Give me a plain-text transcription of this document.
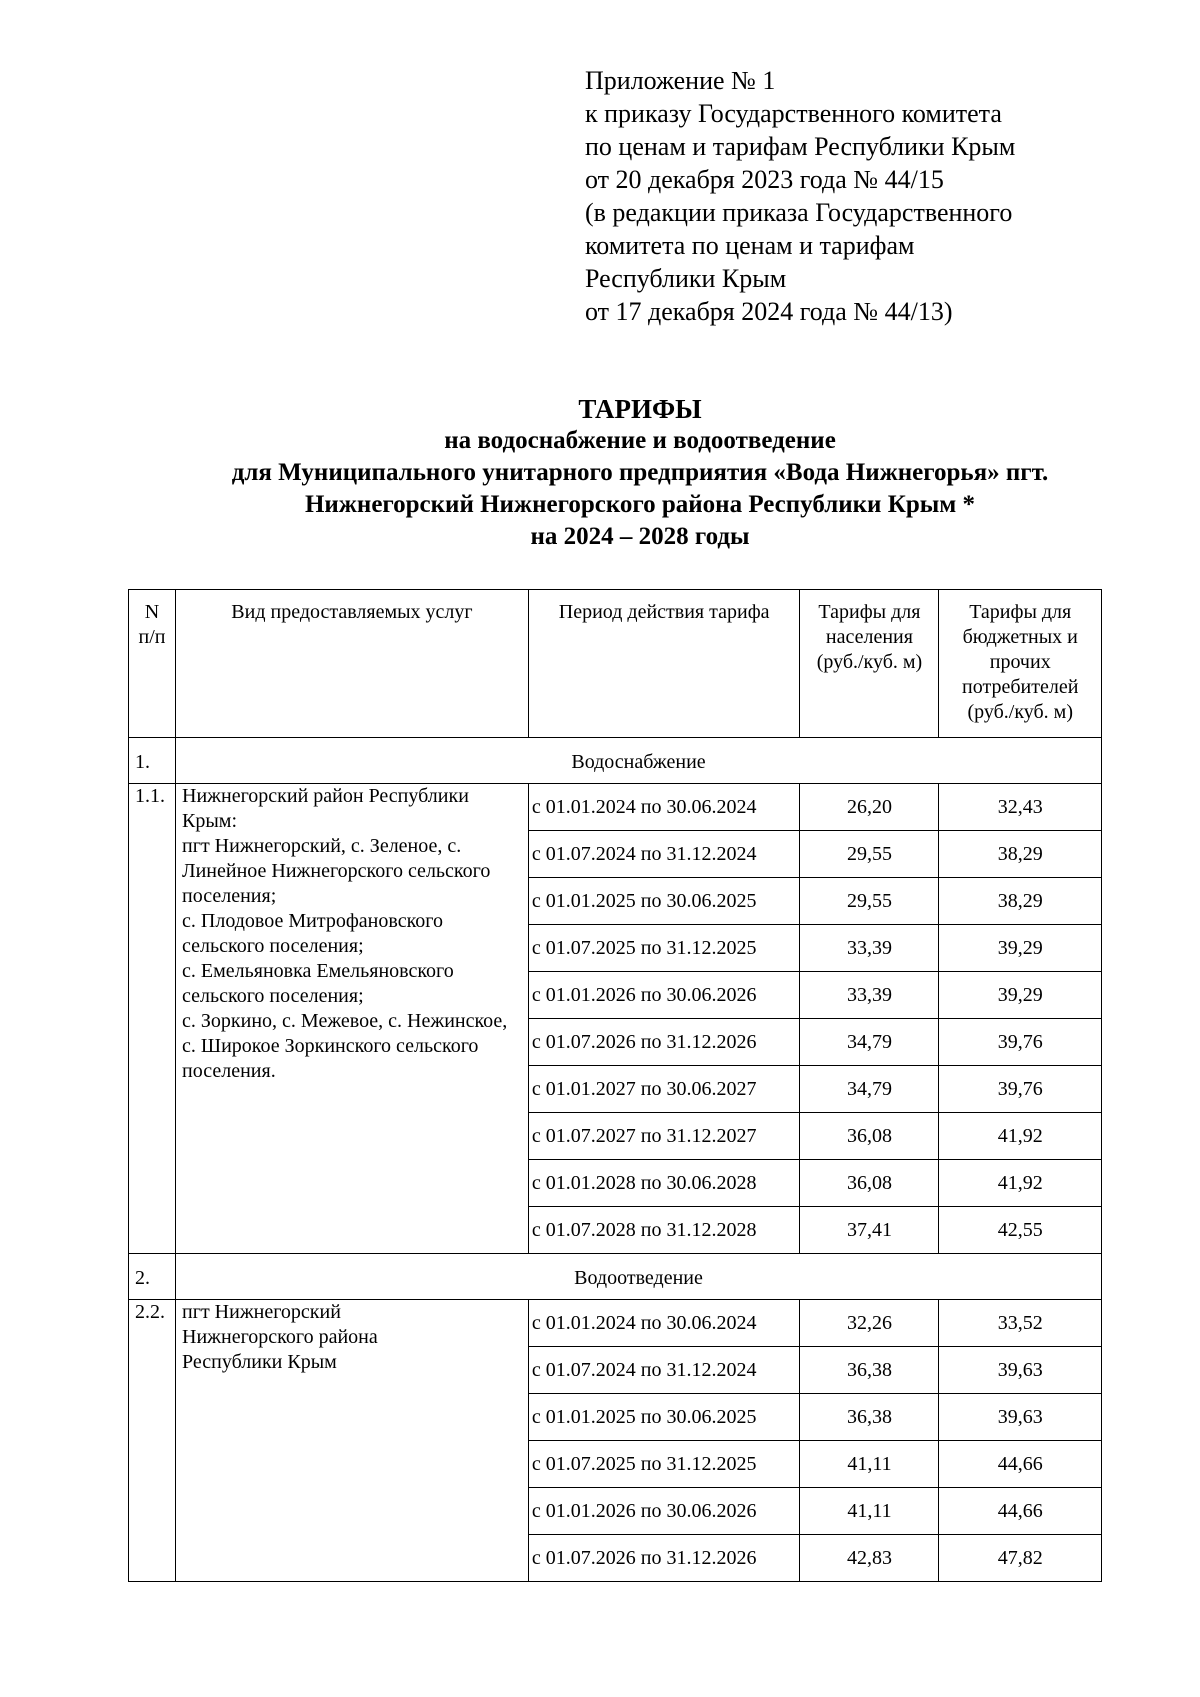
Приложение № 1
к приказу Государственного комитета
по ценам и тарифам Республики Крым
от 20 декабря 2023 года № 44/15
(в редакции приказа Государственного
комитета по ценам и тарифам
Республики Крым
от 17 декабря 2024 года № 44/13)
ТАРИФЫ
на водоснабжение и водоотведение
для Муниципального унитарного предприятия «Вода Нижнегорья» пгт.
Нижнегорский Нижнегорского района Республики Крым *
на 2024 – 2028 годы
N п/п	Вид предоставляемых услуг	Период действия тарифа	Тарифы для населения (руб./куб. м)	Тарифы для бюджетных и прочих потребителей (руб./куб. м)
1.	Водоснабжение			
1.1.	Нижнегорский район Республики Крым:
пгт Нижнегорский, с. Зеленое, с. Линейное Нижнегорского сельского поселения;
с. Плодовое Митрофановского сельского поселения;
с. Емельяновка Емельяновского сельского поселения;
с. Зоркино, с. Межевое, с. Нежинское, с. Широкое Зоркинского сельского поселения.	с 01.01.2024 по 30.06.2024	26,20	32,43
		с 01.07.2024 по 31.12.2024	29,55	38,29
		с 01.01.2025 по 30.06.2025	29,55	38,29
		с 01.07.2025 по 31.12.2025	33,39	39,29
		с 01.01.2026 по 30.06.2026	33,39	39,29
		с 01.07.2026 по 31.12.2026	34,79	39,76
		с 01.01.2027 по 30.06.2027	34,79	39,76
		с 01.07.2027 по 31.12.2027	36,08	41,92
		с 01.01.2028 по 30.06.2028	36,08	41,92
		с 01.07.2028 по 31.12.2028	37,41	42,55
2.	Водоотведение			
2.2.	пгт Нижнегорский
Нижнегорского района
Республики Крым	с 01.01.2024 по 30.06.2024	32,26	33,52
		с 01.07.2024 по 31.12.2024	36,38	39,63
		с 01.01.2025 по 30.06.2025	36,38	39,63
		с 01.07.2025 по 31.12.2025	41,11	44,66
		с 01.01.2026 по 30.06.2026	41,11	44,66
		с 01.07.2026 по 31.12.2026	42,83	47,82
